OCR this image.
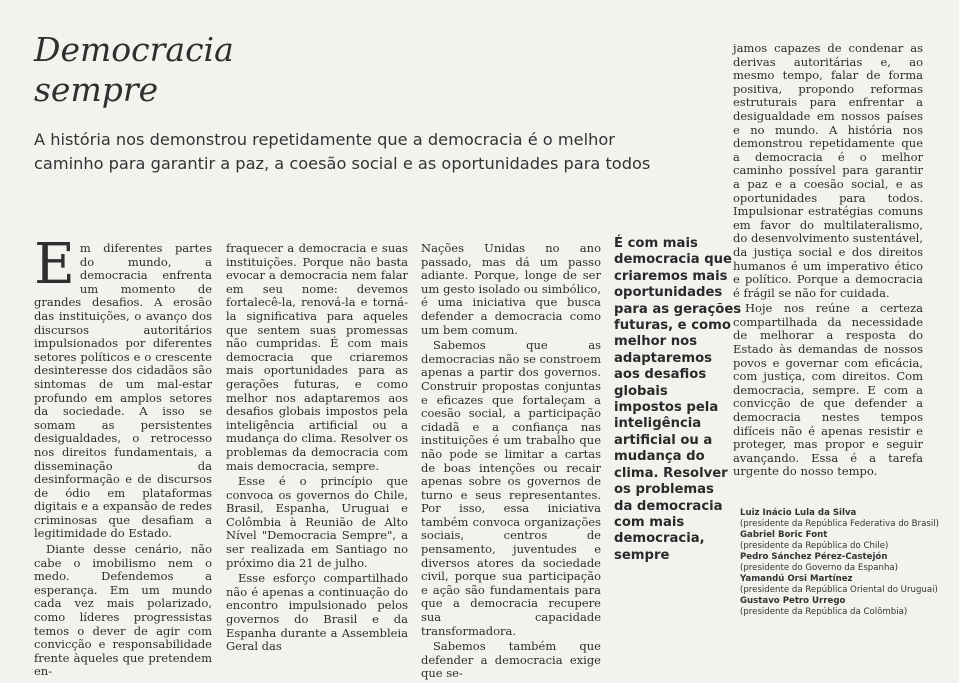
Democracia
sempre
A história nos demonstrou repetidamente que a democracia é o melhor
caminho para garantir a paz, a coesão social e as oportunidades para todos

Em diferentes partes do mundo, a democracia enfrenta um momento de grandes desafios. A erosão das instituições, o avanço dos discursos autoritários impulsionados por diferentes setores políticos e o crescente desinteresse dos cidadãos são sintomas de um mal-estar profundo em amplos setores da sociedade. A isso se somam as persistentes desigualdades, o retrocesso nos direitos fundamentais, a disseminação da desinformação e de discursos de ódio em plataformas digitais e a expansão de redes criminosas que desafiam a legitimidade do Estado.

Diante desse cenário, não cabe o imobilismo nem o medo. Defendemos a esperança. Em um mundo cada vez mais polarizado, como líderes progressistas temos o dever de agir com convicção e responsabilidade frente àqueles que pretendem en-

fraquecer a democracia e suas instituições. Porque não basta evocar a democracia nem falar em seu nome: devemos fortalecê-la, renová-la e torná-la significativa para aqueles que sentem suas promessas não cumpridas. É com mais democracia que criaremos mais oportunidades para as gerações futuras, e como melhor nos adaptaremos aos desafios globais impostos pela inteligência artificial ou a mudança do clima. Resolver os problemas da democracia com mais democracia, sempre.

Esse é o princípio que convoca os governos do Chile, Brasil, Espanha, Uruguai e Colômbia à Reunião de Alto Nível "Democracia Sempre", a ser realizada em Santiago no próximo dia 21 de julho.

Esse esforço compartilhado não é apenas a continuação do encontro impulsionado pelos governos do Brasil e da Espanha durante a Assembleia Geral das

Nações Unidas no ano passado, mas dá um passo adiante. Porque, longe de ser um gesto isolado ou simbólico, é uma iniciativa que busca defender a democracia como um bem comum.

Sabemos que as democracias não se constroem apenas a partir dos governos. Construir propostas conjuntas e eficazes que fortaleçam a coesão social, a participação cidadã e a confiança nas instituições é um trabalho que não pode se limitar a cartas de boas intenções ou recair apenas sobre os governos de turno e seus representantes. Por isso, essa iniciativa também convoca organizações sociais, centros de pensamento, juventudes e diversos atores da sociedade civil, porque sua participação e ação são fundamentais para que a democracia recupere sua capacidade transformadora.

Sabemos também que defender a democracia exige que se-

É com mais
democracia que
criaremos mais
oportunidades
para as gerações
futuras, e como
melhor nos
adaptaremos
aos desafios
globais
impostos pela
inteligência
artificial ou a
mudança do
clima. Resolver
os problemas
da democracia
com mais
democracia,
sempre

jamos capazes de condenar as derivas autoritárias e, ao mesmo tempo, falar de forma positiva, propondo reformas estruturais para enfrentar a desigualdade em nossos países e no mundo. A história nos demonstrou repetidamente que a democracia é o melhor caminho possível para garantir a paz e a coesão social, e as oportunidades para todos. Impulsionar estratégias comuns em favor do multilateralismo, do desenvolvimento sustentável, da justiça social e dos direitos humanos é um imperativo ético e político. Porque a democracia é frágil se não for cuidada.

Hoje nos reúne a certeza compartilhada da necessidade de melhorar a resposta do Estado às demandas de nossos povos e governar com eficácia, com justiça, com direitos. Com democracia, sempre. E com a convicção de que defender a democracia nestes tempos difíceis não é apenas resistir e proteger, mas propor e seguir avançando. Essa é a tarefa urgente do nosso tempo.

Luiz Inácio Lula da Silva
(presidente da República Federativa do Brasil)
Gabriel Boric Font
(presidente da República do Chile)
Pedro Sánchez Pérez-Castejón
(presidente do Governo da Espanha)
Yamandú Orsi Martínez
(presidente da República Oriental do Uruguai)
Gustavo Petro Urrego
(presidente da República da Colômbia)
